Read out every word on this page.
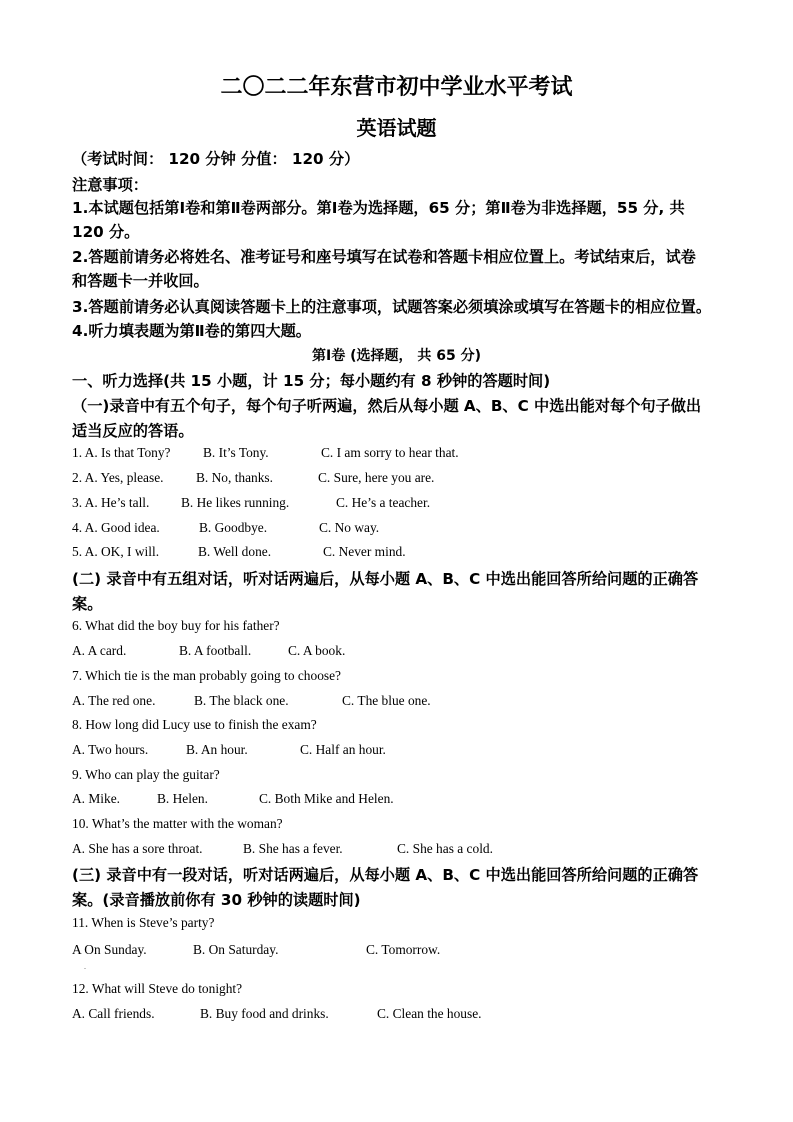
二〇二二年东营市初中学业水平考试
英语试题
（考试时间： 120 分钟 分值： 120 分）
注意事项：
1.本试题包括第Ⅰ卷和第Ⅱ卷两部分。第Ⅰ卷为选择题，65 分；第Ⅱ卷为非选择题，55 分, 共
120 分。
2.答题前请务必将姓名、准考证号和座号填写在试卷和答题卡相应位置上。考试结束后，试卷
和答题卡一并收回。
3.答题前请务必认真阅读答题卡上的注意事项，试题答案必须填涂或填写在答题卡的相应位置。
4.听力填表题为第Ⅱ卷的第四大题。
第Ⅰ卷 (选择题， 共 65 分)
一、听力选择(共 15 小题，计 15 分；每小题约有 8 秒钟的答题时间)
（一)录音中有五个句子，每个句子听两遍，然后从每小题 A、B、C 中选出能对每个句子做出
适当反应的答语。
1. A. Is that Tony? B. It’s Tony.	C. I am sorry to hear that.
2. A. Yes, please. B. No, thanks.	C. Sure, here you are.
3. A. He’s tall. B. He likes running.	C. He’s a teacher.
4. A. Good idea.	B. Goodbye.	C. No way.
5. A. OK, I will.	B. Well done.	C. Never mind.
(二) 录音中有五组对话，听对话两遍后，从每小题 A、B、C 中选出能回答所给问题的正确答
案。
6. What did the boy buy for his father?
A. A card.	B. A football.	C. A book.
7. Which tie is the man probably going to choose?
A. The red one.	B. The black one.	C. The blue one.
8. How long did Lucy use to finish the exam?
A. Two hours.	B. An hour.	C. Half an hour.
9. Who can play the guitar?
A. Mike.	B. Helen.	C. Both Mike and Helen.
10. What’s the matter with the woman?
A. She has a sore throat.	B. She has a fever.	C. She has a cold.
(三) 录音中有一段对话，听对话两遍后，从每小题 A、B、C 中选出能回答所给问题的正确答
案。(录音播放前你有 30 秒钟的读题时间)
11. When is Steve’s party?
A On Sunday.	B. On Saturday.	C. Tomorrow.
.
12. What will Steve do tonight?
A. Call friends.	B. Buy food and drinks.	C. Clean the house.
